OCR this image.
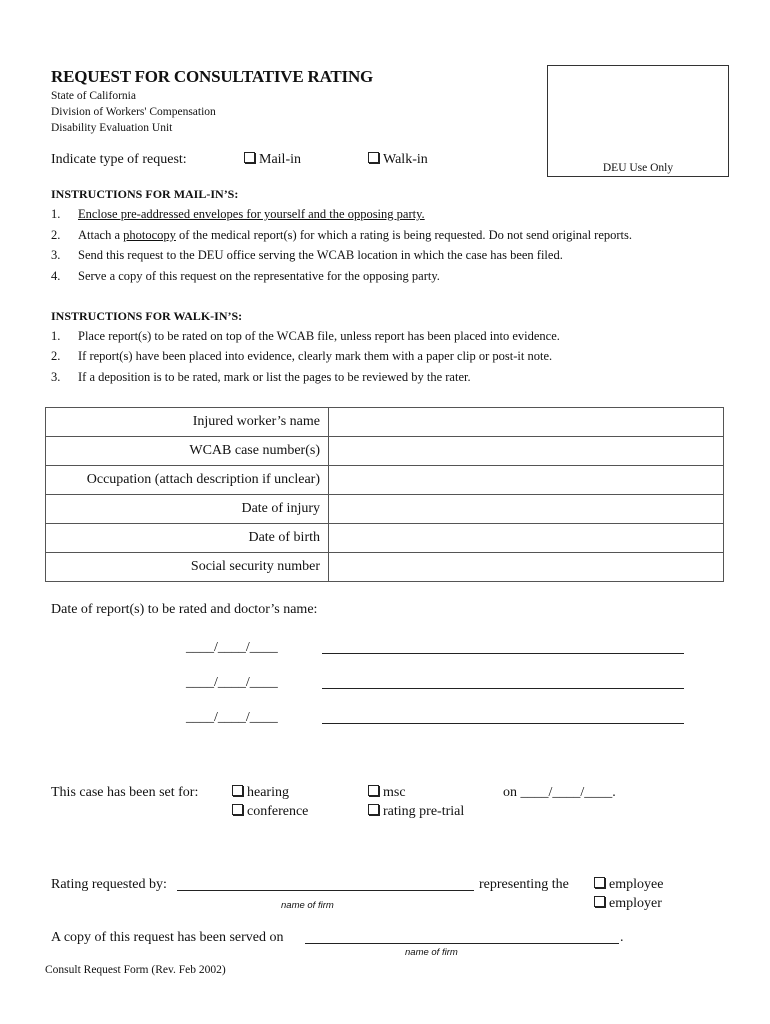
REQUEST FOR CONSULTATIVE RATING
State of California
Division of Workers' Compensation
Disability Evaluation Unit
DEU Use Only
Indicate type of request:	Mail-in	Walk-in
INSTRUCTIONS FOR MAIL-IN’S:
1. Enclose pre-addressed envelopes for yourself and the opposing party.
2. Attach a photocopy of the medical report(s) for which a rating is being requested. Do not send original reports.
3. Send this request to the DEU office serving the WCAB location in which the case has been filed.
4. Serve a copy of this request on the representative for the opposing party.
INSTRUCTIONS FOR WALK-IN’S:
1. Place report(s) to be rated on top of the WCAB file, unless report has been placed into evidence.
2. If report(s) have been placed into evidence, clearly mark them with a paper clip or post-it note.
3. If a deposition is to be rated, mark or list the pages to be reviewed by the rater.
Injured worker’s name	
WCAB case number(s)	
Occupation (attach description if unclear)	
Date of injury	
Date of birth	
Social security number	
Date of report(s) to be rated and doctor’s name:
____/____/____
____/____/____
____/____/____
This case has been set for:	hearing
conference
msc
rating pre-trial
on ____/____/____.
Rating requested by:
name of firm
representing the	employee
employer
A copy of this request has been served on	.
name of firm
Consult Request Form (Rev. Feb 2002)
